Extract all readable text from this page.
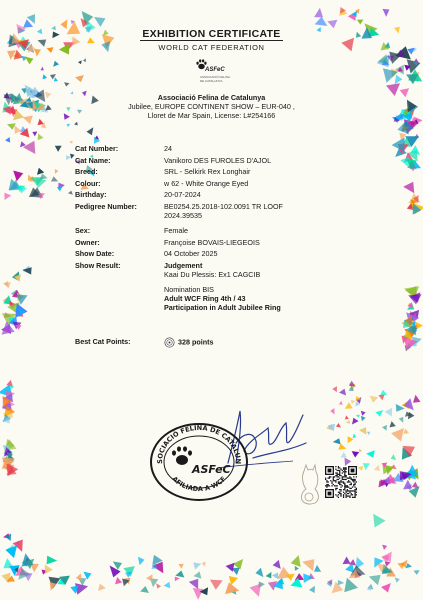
EXHIBITION CERTIFICATE
WORLD CAT FEDERATION
ASFeC
ASSOCIACIÓ FELINA DE CATALUNYA
Associació Felina de Catalunya
Jubilee, EUROPE CONTINENT SHOW – EUR-040 ,
Lloret de Mar Spain, License: L#254166
Cat Number:	24
Cat Name:	Vanikoro DES FUROLES D'AJOL
Breed:	SRL - Selkirk Rex Longhair
Colour:	w 62 - White Orange Eyed
Birthday:	20-07-2024
Pedigree Number:	BE0254.25.2018-102.0091 TR LOOF
2024.39535
Sex:	Female
Owner:	Françoise BOVAIS-LIEGEOIS
Show Date:	04 October 2025
Show Result:	Judgement
Kaai Du Plessis: Ex1 CAGCIB
Nomination BIS
Adult WCF Ring 4th / 43
Participation in Adult Jubilee Ring
Best Cat Points:	328 points
SOCIACIÓ FELINA DE CATALUN
AFILIADA A WCF
ASFeC
